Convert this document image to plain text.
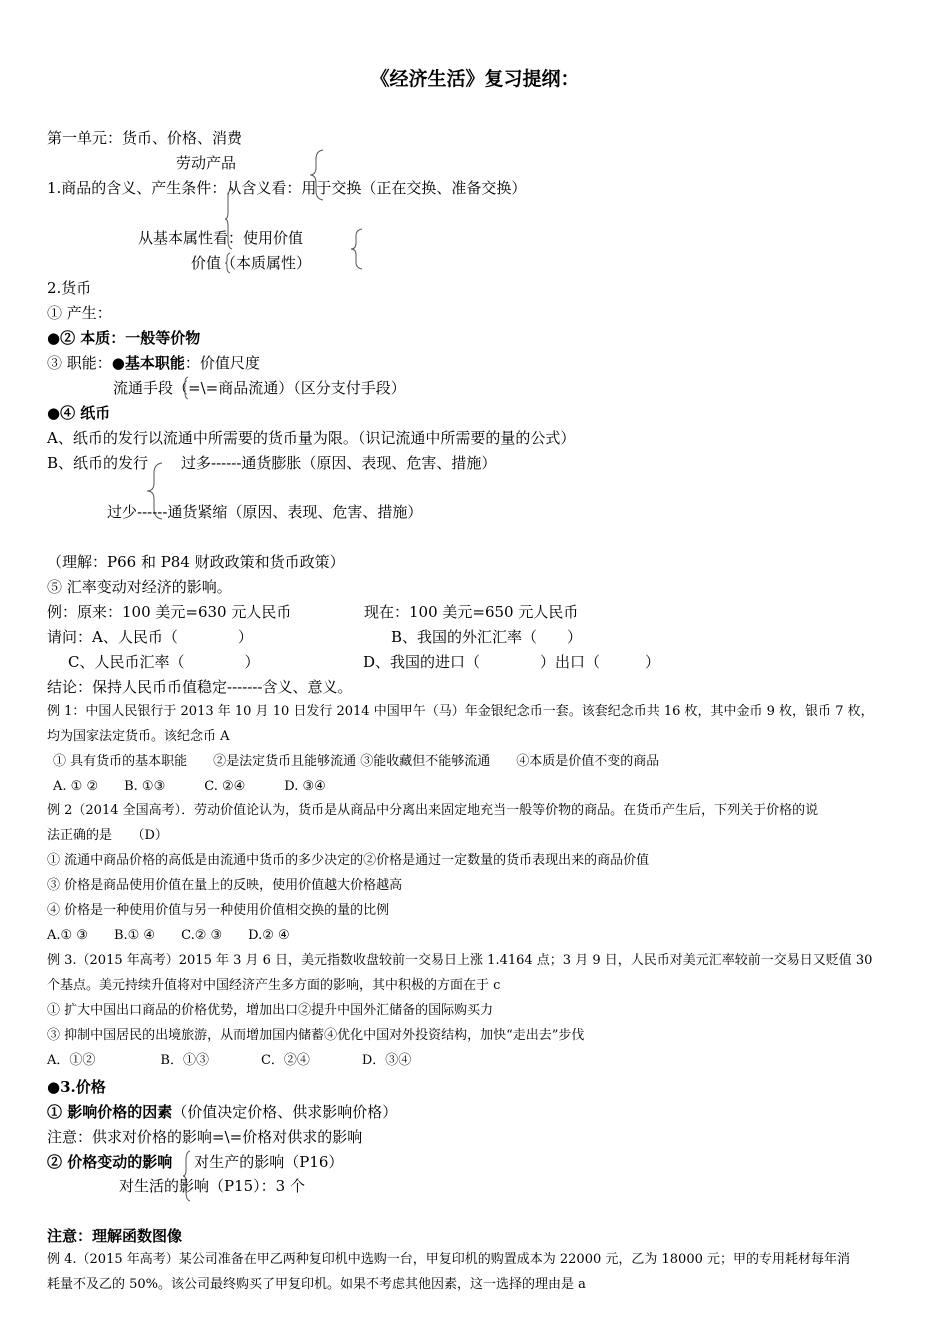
《经济生活》复习提纲：
第一单元：货币、价格、消费
劳动产品
1.商品的含义、产生条件：从含义看：用于交换（正在交换、准备交换）
从基本属性看：使用价值
价值（本质属性）
2.货币
① 产生：
●② 本质：一般等价物
③ 职能：●基本职能：价值尺度
流通手段（=\=商品流通）（区分支付手段）
●④ 纸币
A、纸币的发行以流通中所需要的货币量为限。（识记流通中所需要的量的公式）
B、纸币的发行 过多------通货膨胀（原因、表现、危害、措施）
过少------通货紧缩（原因、表现、危害、措施）
（理解：P66 和 P84 财政政策和货币政策）
⑤ 汇率变动对经济的影响。
例：原来：100 美元=630 元人民币	现在：100 美元=650 元人民币
请问：A、人民币（　　　　）	B、我国的外汇汇率（　　）
C、人民币汇率（　　　　）	D、我国的进口（　　　　）出口（　　　）
结论：保持人民币币值稳定-------含义、意义。
例 1：中国人民银行于 2013 年 10 月 10 日发行 2014 中国甲午（马）年金银纪念币一套。该套纪念币共 16 枚，其中金币 9 枚，银币 7 枚，
均为国家法定货币。该纪念币 A
① 具有货币的基本职能　　②是法定货币且能够流通 ③能收藏但不能够流通　　④本质是价值不变的商品
A. ① ②　　B. ①③　　　C. ②④　　　D. ③④
例 2（2014 全国高考）．劳动价值论认为，货币是从商品中分离出来固定地充当一般等价物的商品。在货币产生后，下列关于价格的说
法正确的是　　（D）
① 流通中商品价格的高低是由流通中货币的多少决定的②价格是通过一定数量的货币表现出来的商品价值
③ 价格是商品使用价值在量上的反映，使用价值越大价格越高
④ 价格是一种使用价值与另一种使用价值相交换的量的比例
A.① ③　　B.① ④　　C.② ③　　D.② ④
例 3.（2015 年高考）2015 年 3 月 6 日，美元指数收盘较前一交易日上涨 1.4164 点；3 月 9 日，人民币对美元汇率较前一交易日又贬值 30
个基点。美元持续升值将对中国经济产生多方面的影响，其中积极的方面在于 c
① 扩大中国出口商品的价格优势，增加出口②提升中国外汇储备的国际购买力
③ 抑制中国居民的出境旅游，从而增加国内储蓄④优化中国对外投资结构，加快“走出去”步伐
A．①②　　　　　B．①③　　　　C．②④　　　　D．③④
●3.价格
① 影响价格的因素（价值决定价格、供求影响价格）
注意：供求对价格的影响=\=价格对供求的影响
② 价格变动的影响 对生产的影响（P16）
对生活的影响（P15）：3 个
注意：理解函数图像
例 4.（2015 年高考）某公司准备在甲乙两种复印机中选购一台，甲复印机的购置成本为 22000 元，乙为 18000 元；甲的专用耗材每年消
耗量不及乙的 50%。该公司最终购买了甲复印机。如果不考虑其他因素，这一选择的理由是 a
